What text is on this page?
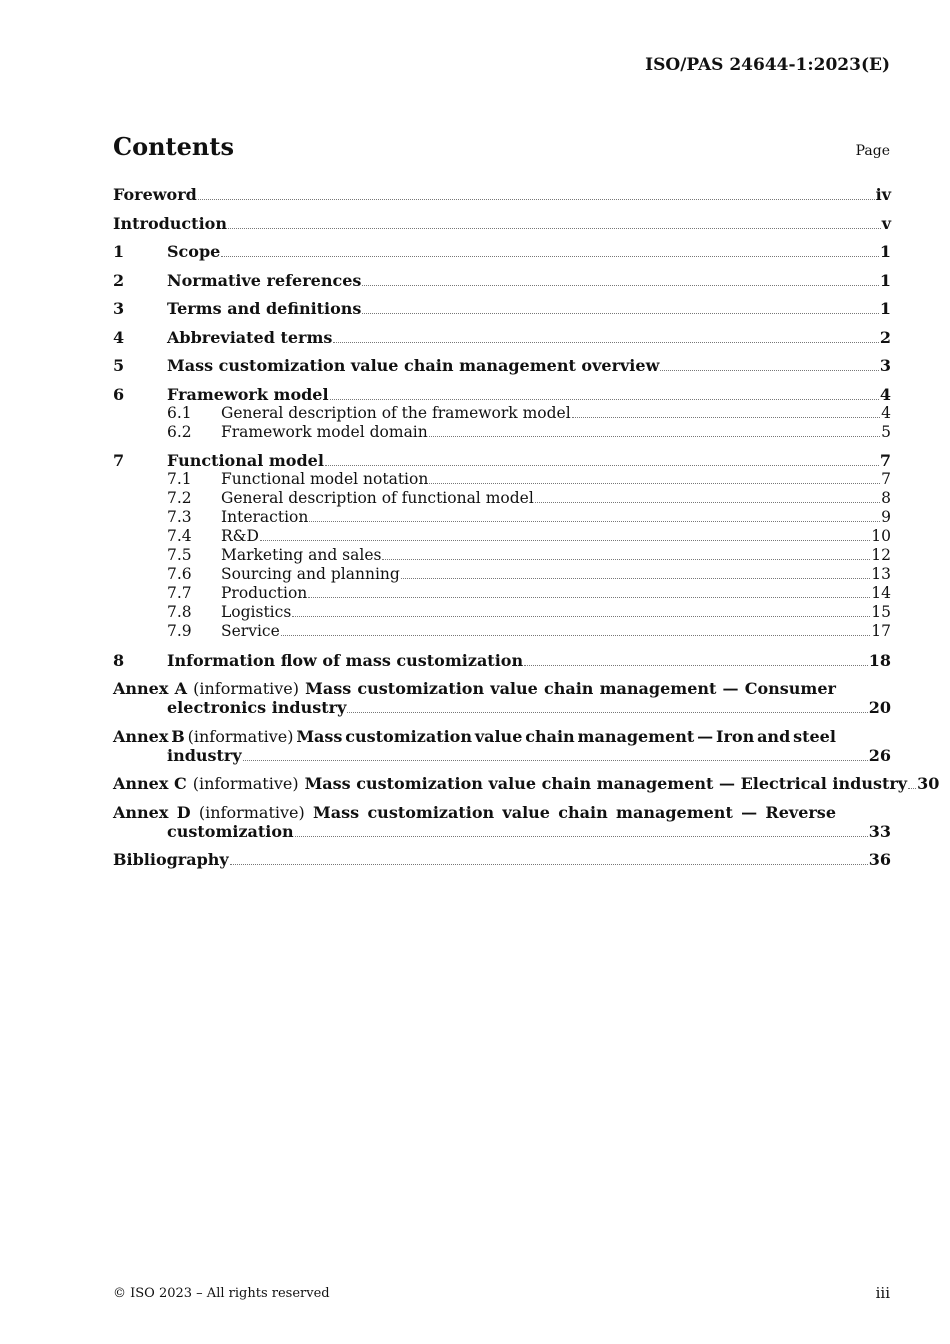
ISO/PAS 24644-1:2023(E)
Contents	Page
Foreword	iv
Introduction	v
1	Scope	1
2	Normative references	1
3	Terms and definitions	1
4	Abbreviated terms	2
5	Mass customization value chain management overview	3
6	Framework model	4
6.1	General description of the framework model	4
6.2	Framework model domain	5
7	Functional model	7
7.1	Functional model notation	7
7.2	General description of functional model	8
7.3	Interaction	9
7.4	R&D	10
7.5	Marketing and sales	12
7.6	Sourcing and planning	13
7.7	Production	14
7.8	Logistics	15
7.9	Service	17
8	Information flow of mass customization	18
Annex A (informative) Mass customization value chain management — Consumer
electronics industry	20
Annex B (informative) Mass customization value chain management — Iron and steel
industry	26
Annex C (informative) Mass customization value chain management — Electrical industry 30
Annex D (informative) Mass customization value chain management — Reverse
customization	33
Bibliography	36
© ISO 2023 – All rights reserved	iii
